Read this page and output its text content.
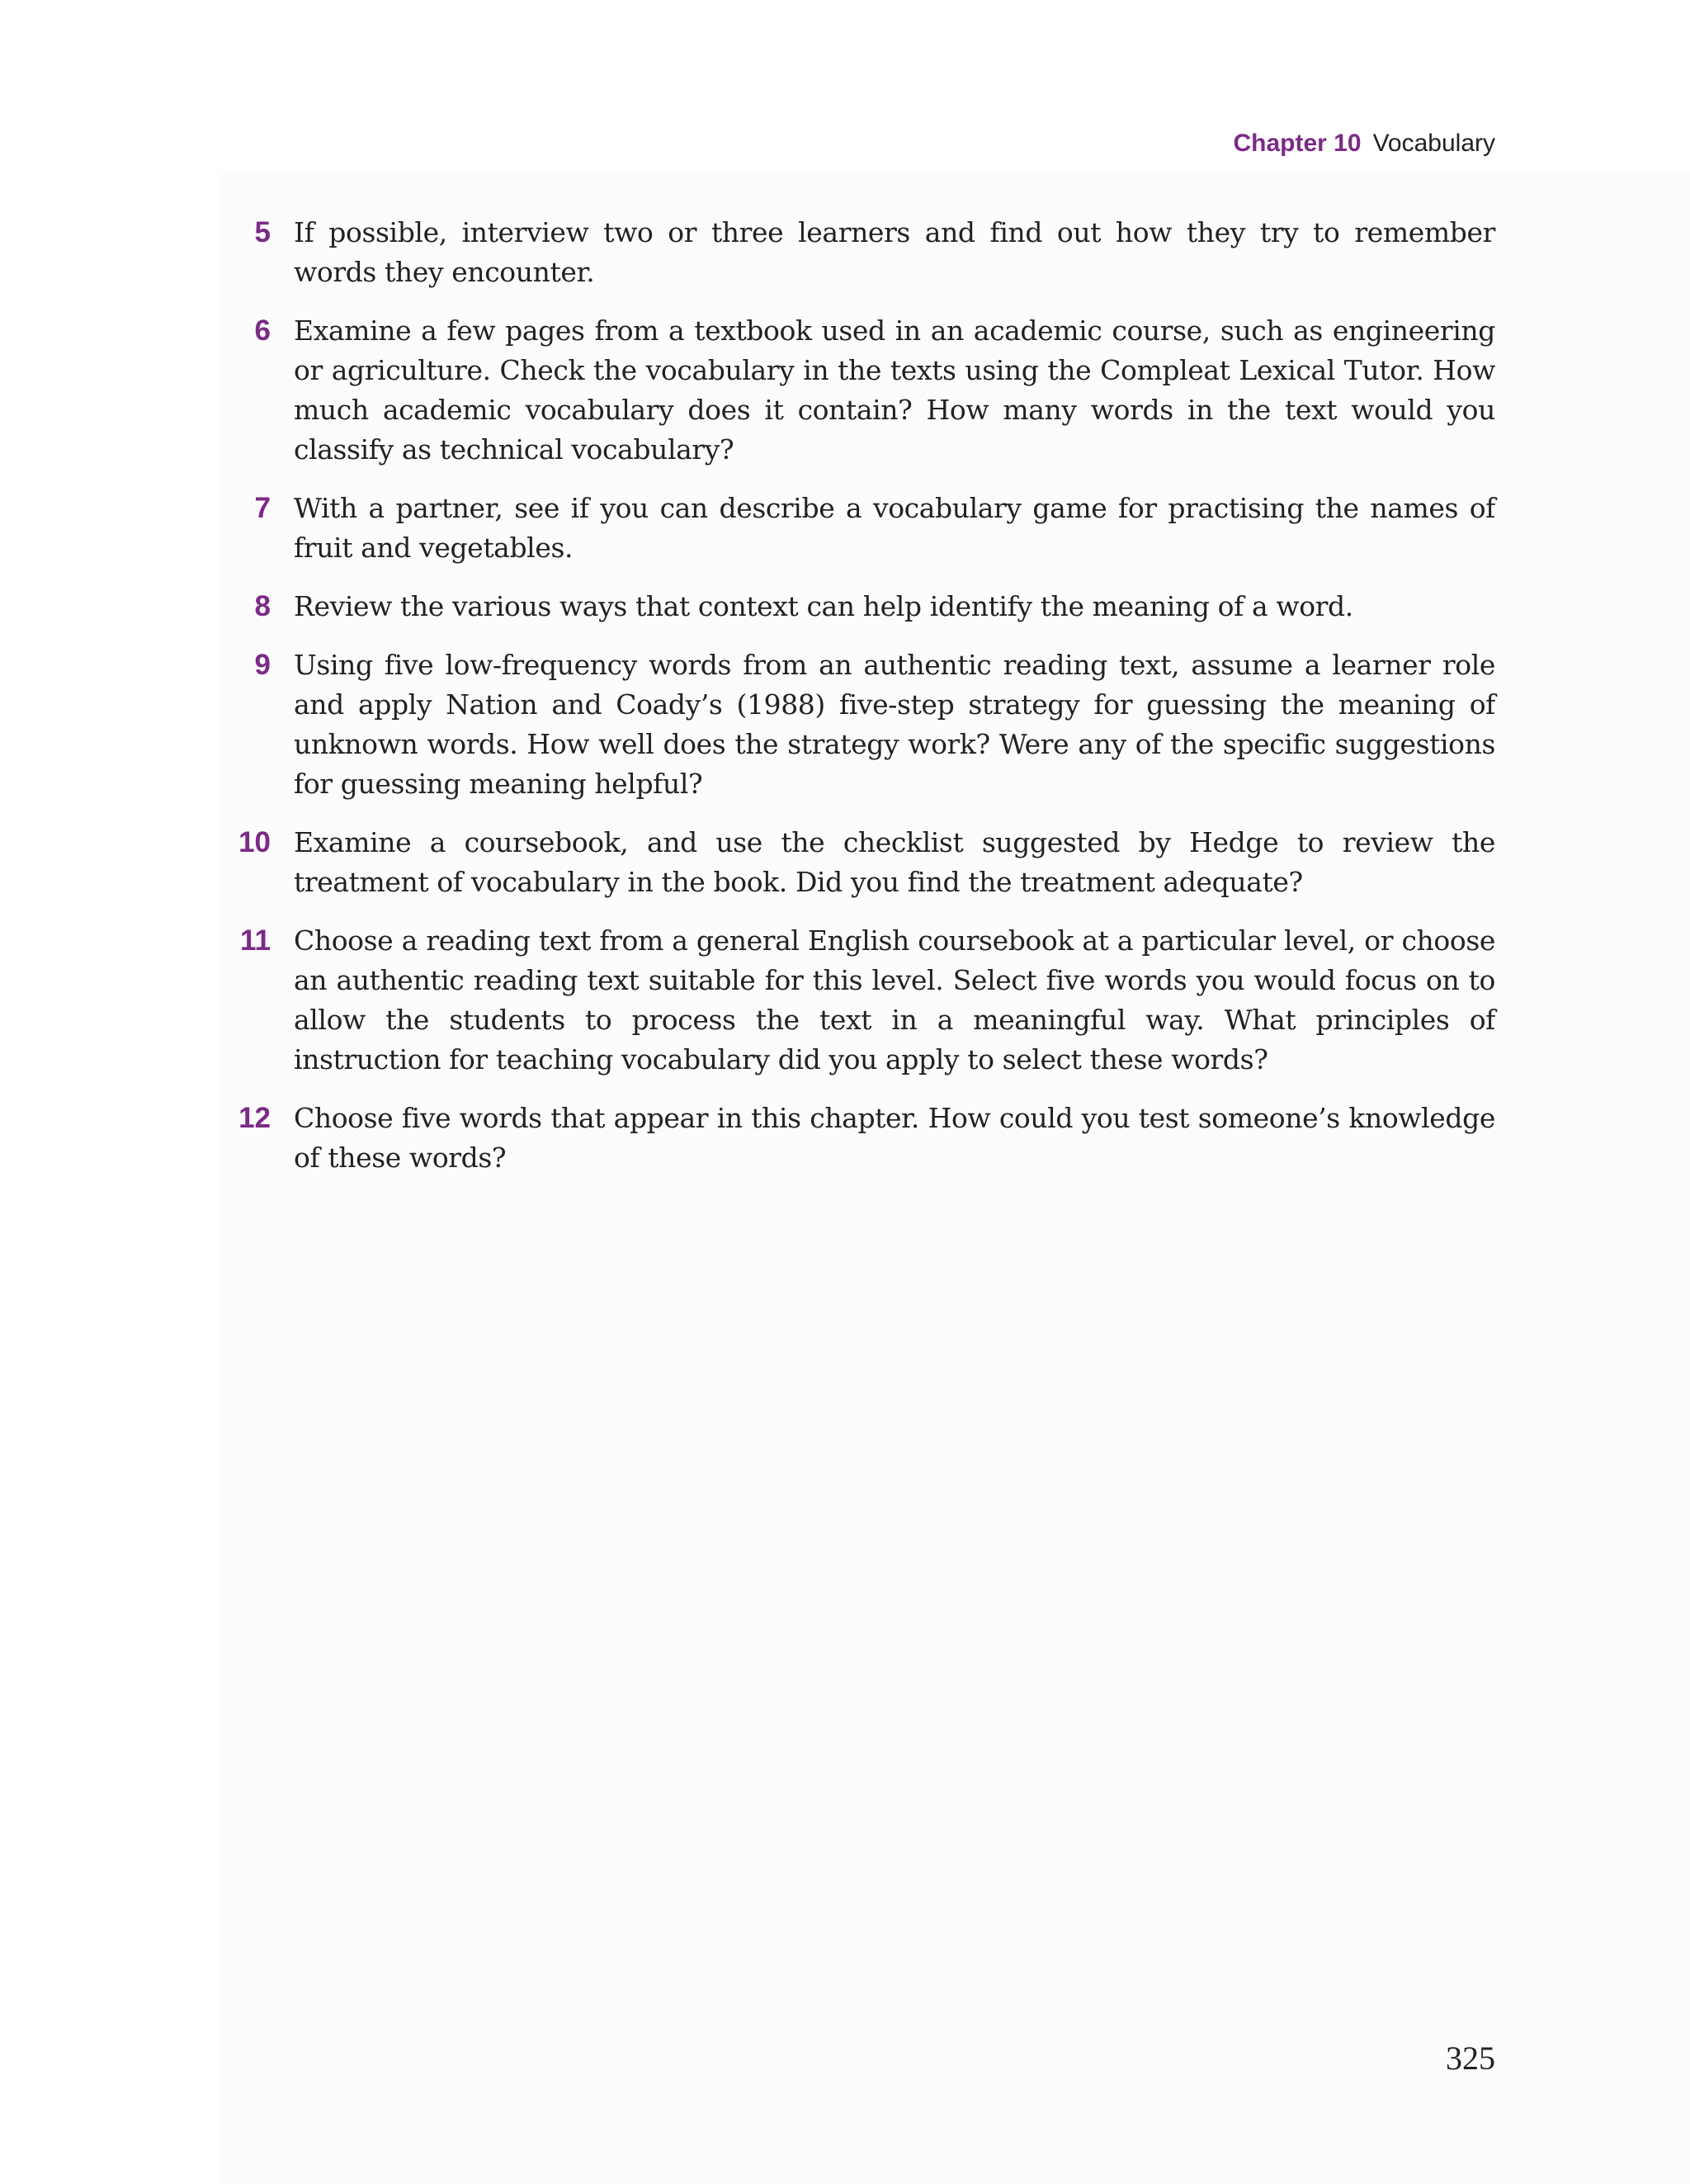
Chapter 10 Vocabulary
5 If possible, interview two or three learners and find out how they try to remember words they encounter.

6 Examine a few pages from a textbook used in an academic course, such as engineering or agriculture. Check the vocabulary in the texts using the Compleat Lexical Tutor. How much academic vocabulary does it contain? How many words in the text would you classify as technical vocabulary?

7 With a partner, see if you can describe a vocabulary game for practising the names of fruit and vegetables.

8 Review the various ways that context can help identify the meaning of a word.

9 Using five low-frequency words from an authentic reading text, assume a learner role and apply Nation and Coady’s (1988) five-step strategy for guessing the meaning of unknown words. How well does the strategy work? Were any of the specific suggestions for guessing meaning helpful?

10 Examine a coursebook, and use the checklist suggested by Hedge to review the treatment of vocabulary in the book. Did you find the treatment adequate?

11 Choose a reading text from a general English coursebook at a particular level, or choose an authentic reading text suitable for this level. Select five words you would focus on to allow the students to process the text in a meaningful way. What principles of instruction for teaching vocabulary did you apply to select these words?

12 Choose five words that appear in this chapter. How could you test someone’s knowledge of these words?

325
